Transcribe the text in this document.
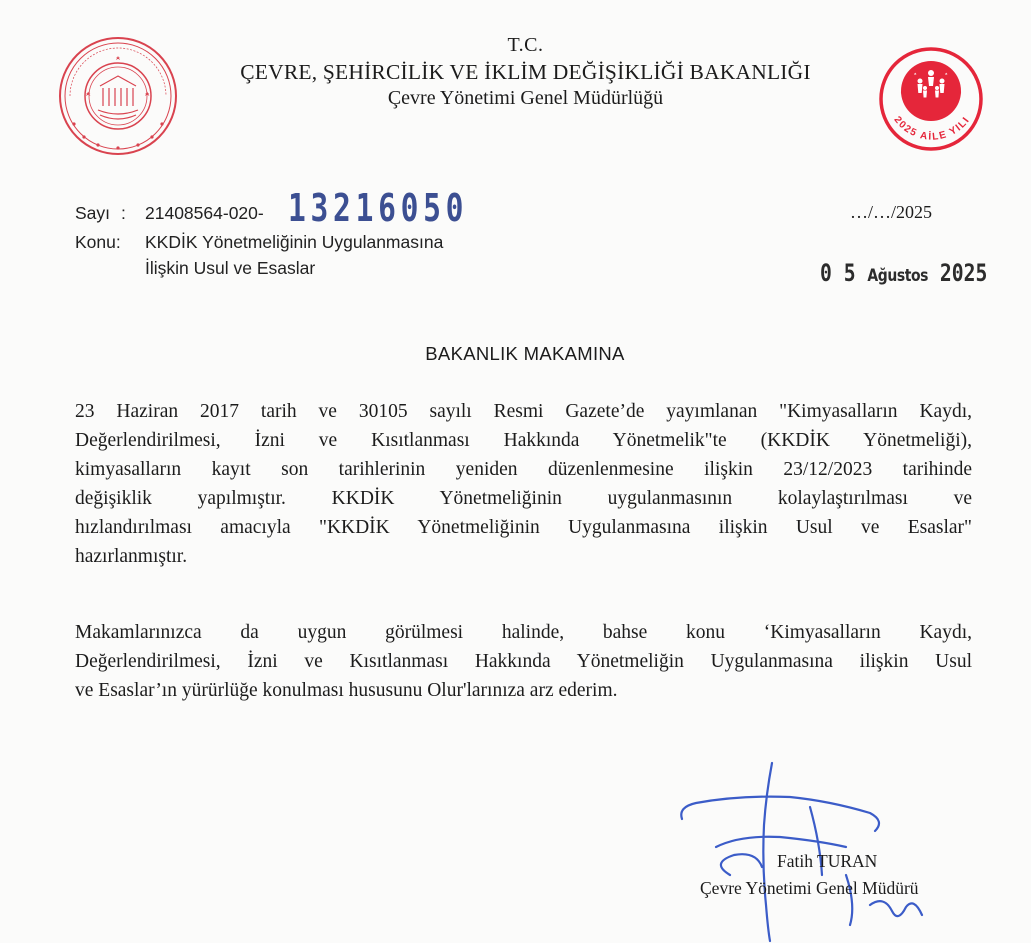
2025 AİLE YILI
T.C.
ÇEVRE, ŞEHİRCİLİK VE İKLİM DEĞİŞİKLİĞİ BAKANLIĞI
Çevre Yönetimi Genel Müdürlüğü
Sayı : 21408564-020- 13216050
Konu: KKDİK Yönetmeliğinin Uygulanmasına
İlişkin Usul ve Esaslar
…/…/2025
0 5 Ağustos 2025
BAKANLIK MAKAMINA
23 Haziran 2017 tarih ve 30105 sayılı Resmi Gazete’de yayımlanan "Kimyasalların Kaydı,
Değerlendirilmesi, İzni ve Kısıtlanması Hakkında Yönetmelik"te (KKDİK Yönetmeliği),
kimyasalların kayıt son tarihlerinin yeniden düzenlenmesine ilişkin 23/12/2023 tarihinde
değişiklik yapılmıştır. KKDİK Yönetmeliğinin uygulanmasının kolaylaştırılması ve
hızlandırılması amacıyla "KKDİK Yönetmeliğinin Uygulanmasına ilişkin Usul ve Esaslar"
hazırlanmıştır.
Makamlarınızca da uygun görülmesi halinde, bahse konu ‘Kimyasalların Kaydı,
Değerlendirilmesi, İzni ve Kısıtlanması Hakkında Yönetmeliğin Uygulanmasına ilişkin Usul
ve Esaslar’ın yürürlüğe konulması hususunu Olur'larınıza arz ederim.
Fatih TURAN
Çevre Yönetimi Genel Müdürü
